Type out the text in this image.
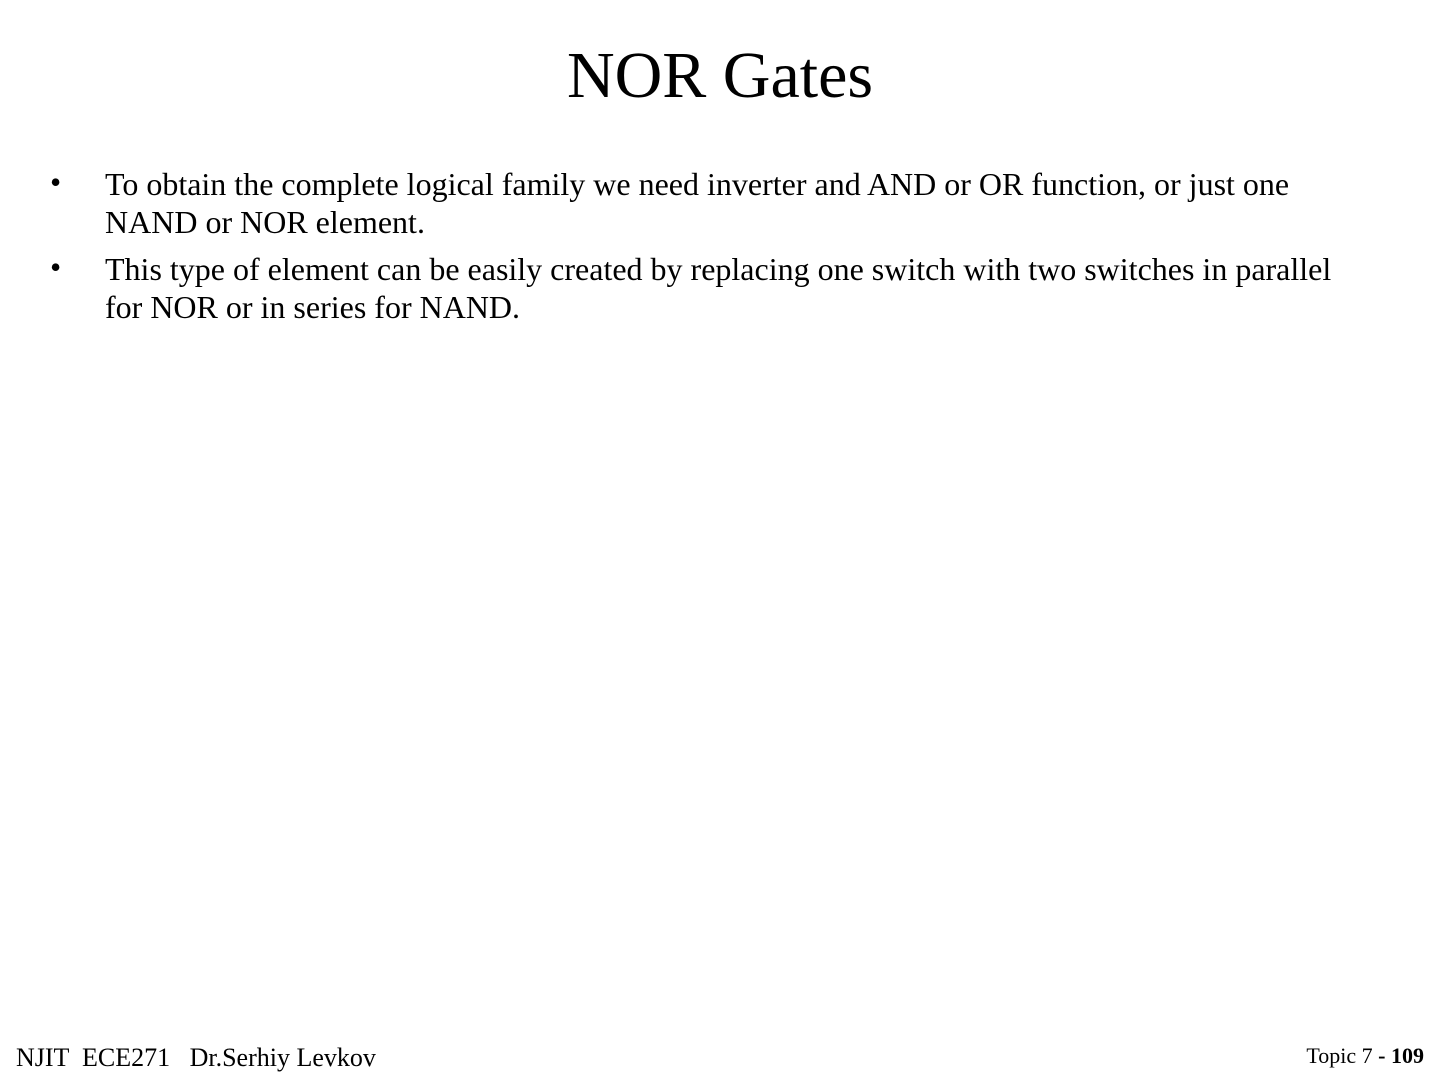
NOR Gates
• To obtain the complete logical family we need inverter and AND or OR function, or just one NAND or NOR element.
• This type of element can be easily created by replacing one switch with two switches in parallel for NOR or in series for NAND.
NJIT  ECE271   Dr.Serhiy Levkov	Topic 7 - 109
